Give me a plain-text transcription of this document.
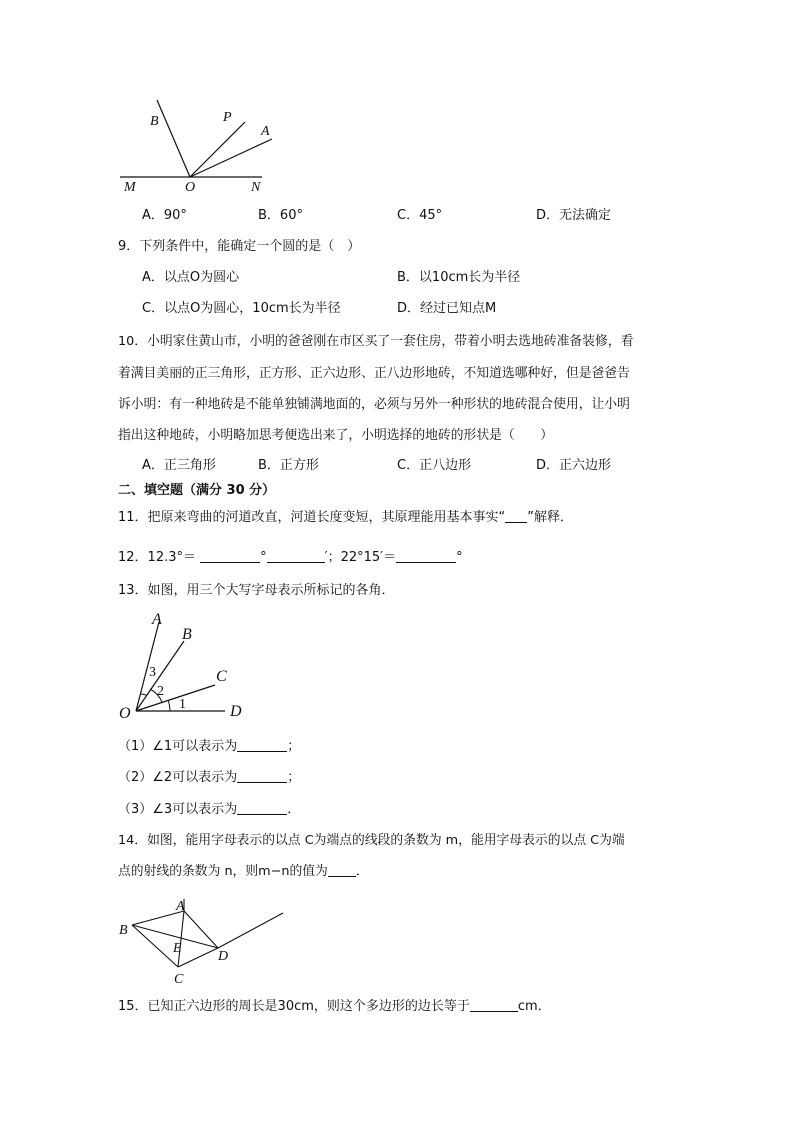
B	P
A
M	O	N
A．90°	B．60°	C．45°	D．无法确定
9．下列条件中，能确定一个圆的是（　）
A．以点O为圆心	B．以10cm长为半径
C．以点O为圆心，10cm长为半径	D．经过已知点M
10．小明家住黄山市，小明的爸爸刚在市区买了一套住房，带着小明去选地砖准备装修，看
着满目美丽的正三角形，正方形、正六边形、正八边形地砖，不知道选哪种好，但是爸爸告
诉小明：有一种地砖是不能单独铺满地面的，必须与另外一种形状的地砖混合使用，让小明
指出这种地砖，小明略加思考便选出来了，小明选择的地砖的形状是（　　）
A．正三角形	B．正方形	C．正八边形	D．正六边形
二、填空题（满分 30 分）
11．把原来弯曲的河道改直，河道长度变短，其原理能用基本事实“ ”解释．
12．12.3°＝	°	′；22°15′＝	°
13．如图，用三个大写字母表示所标记的各角．
A
B
C
D
O
1
2
3
（1）∠1可以表示为	；
（2）∠2可以表示为	；
（3）∠3可以表示为	．
14．如图，能用字母表示的以点 C为端点的线段的条数为 m，能用字母表示的以点 C为端
点的射线的条数为 n，则m−n的值为 ．
A
B
C
D
E
15．已知正六边形的周长是30cm，则这个多边形的边长等于	cm．
